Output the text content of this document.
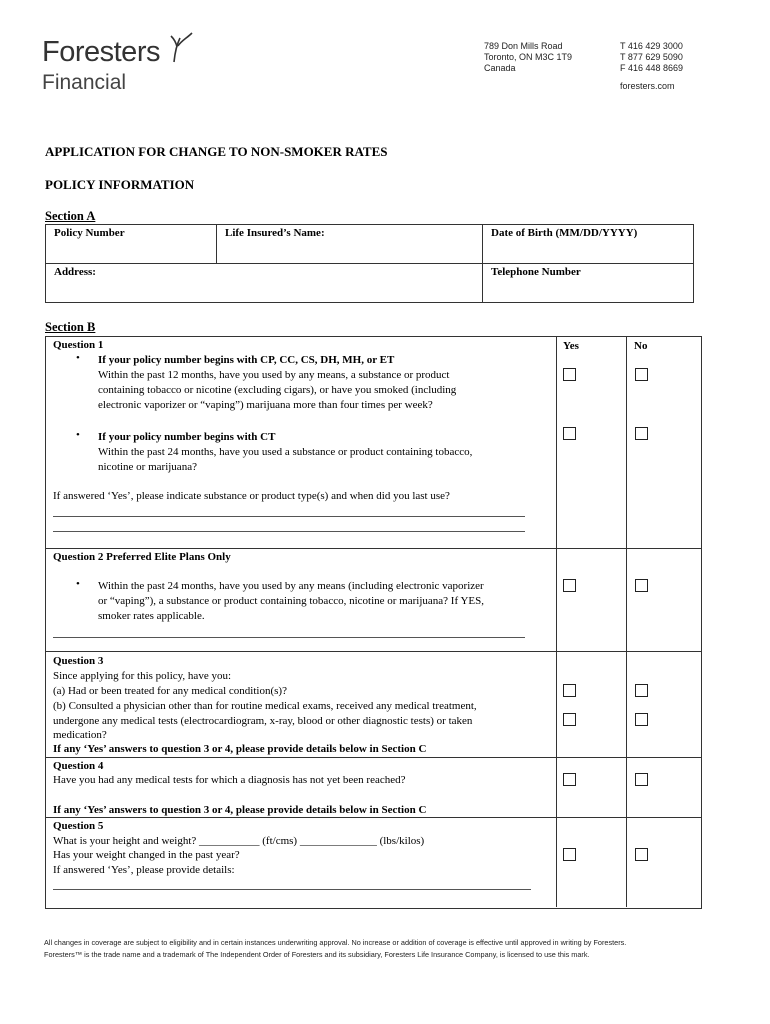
Foresters
Financial
789 Don Mills Road
Toronto, ON M3C 1T9
Canada
T 416 429 3000
T 877 629 5090
F 416 448 8669
foresters.com
APPLICATION FOR CHANGE TO NON-SMOKER RATES
POLICY INFORMATION
Section A
Policy Number	Life Insured’s Name:	Date of Birth (MM/DD/YYYY)
Address:		Telephone Number
Section B
Yes	No
Question 1
• If your policy number begins with CP, CC, CS, DH, MH, or ET
Within the past 12 months, have you used by any means, a substance or product
containing tobacco or nicotine (excluding cigars), or have you smoked (including
electronic vaporizer or “vaping”) marijuana more than four times per week?
• If your policy number begins with CT
Within the past 24 months, have you used a substance or product containing tobacco,
nicotine or marijuana?
If answered ‘Yes’, please indicate substance or product type(s) and when did you last use?
Question 2 Preferred Elite Plans Only
• Within the past 24 months, have you used by any means (including electronic vaporizer
or “vaping”), a substance or product containing tobacco, nicotine or marijuana? If YES,
smoker rates applicable.
Question 3
Since applying for this policy, have you:
(a) Had or been treated for any medical condition(s)?
(b) Consulted a physician other than for routine medical exams, received any medical treatment,
undergone any medical tests (electrocardiogram, x-ray, blood or other diagnostic tests) or taken
medication?
If any ‘Yes’ answers to question 3 or 4, please provide details below in Section C
Question 4
Have you had any medical tests for which a diagnosis has not yet been reached?
If any ‘Yes’ answers to question 3 or 4, please provide details below in Section C
Question 5
What is your height and weight? ___________ (ft/cms) ______________ (lbs/kilos)
Has your weight changed in the past year?
If answered ‘Yes’, please provide details:
All changes in coverage are subject to eligibility and in certain instances underwriting approval. No increase or addition of coverage is effective until approved in writing by Foresters.
Foresters™ is the trade name and a trademark of The Independent Order of Foresters and its subsidiary, Foresters Life Insurance Company, is licensed to use this mark.
